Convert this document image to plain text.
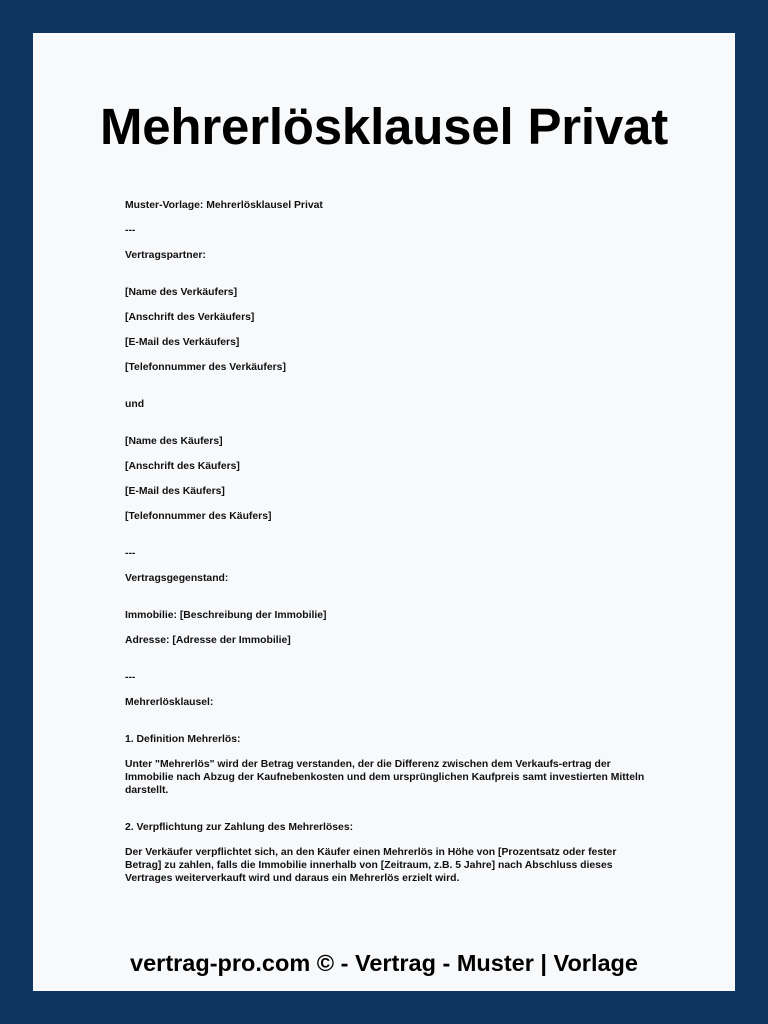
Mehrerlösklausel Privat

Muster-Vorlage: Mehrerlösklausel Privat

---

Vertragspartner:

[Name des Verkäufers]

[Anschrift des Verkäufers]

[E-Mail des Verkäufers]

[Telefonnummer des Verkäufers]

und

[Name des Käufers]

[Anschrift des Käufers]

[E-Mail des Käufers]

[Telefonnummer des Käufers]

---

Vertragsgegenstand:

Immobilie: [Beschreibung der Immobilie]

Adresse: [Adresse der Immobilie]

---

Mehrerlösklausel:

1. Definition Mehrerlös:

Unter "Mehrerlös" wird der Betrag verstanden, der die Differenz zwischen dem Verkaufs-ertrag der Immobilie nach Abzug der Kaufnebenkosten und dem ursprünglichen Kaufpreis samt investierten Mitteln darstellt.

2. Verpflichtung zur Zahlung des Mehrerlöses:

Der Verkäufer verpflichtet sich, an den Käufer einen Mehrerlös in Höhe von [Prozentsatz oder fester Betrag] zu zahlen, falls die Immobilie innerhalb von [Zeitraum, z.B. 5 Jahre] nach Abschluss dieses Vertrages weiterverkauft wird und daraus ein Mehrerlös erzielt wird.

vertrag-pro.com © - Vertrag - Muster | Vorlage
